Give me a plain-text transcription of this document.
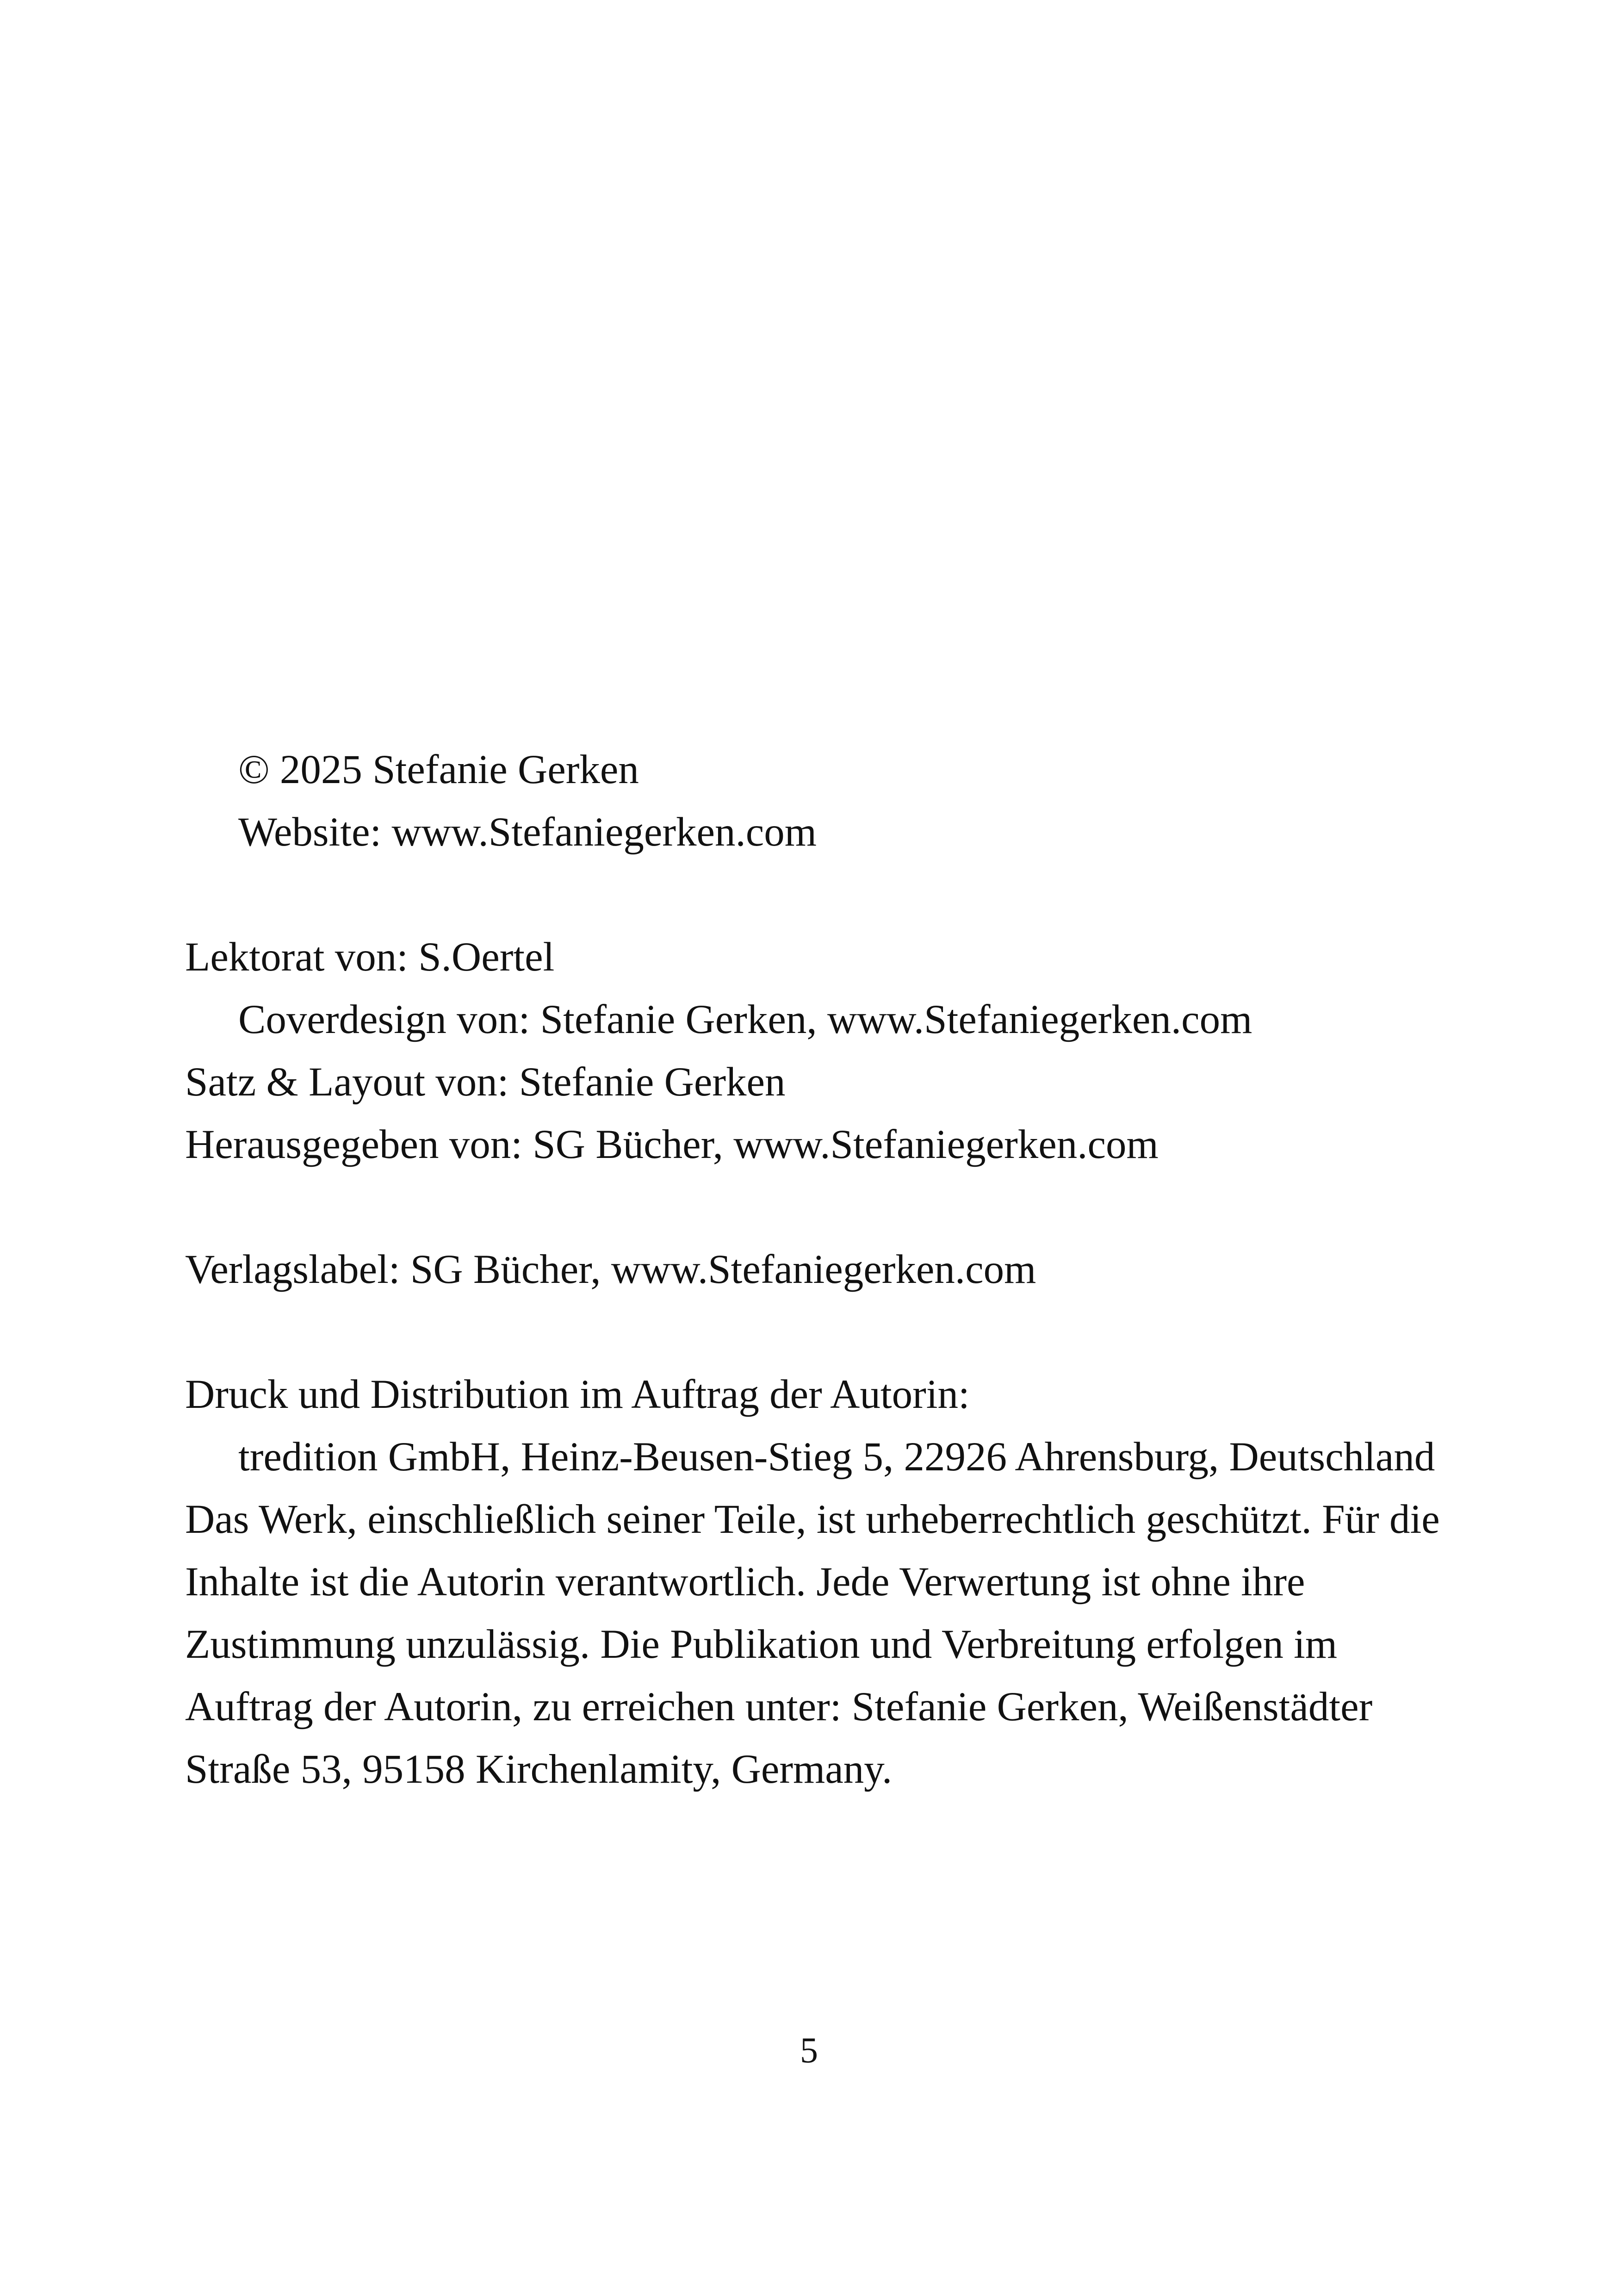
© 2025 Stefanie Gerken
Website: www.Stefaniegerken.com
Lektorat von: S.Oertel
Coverdesign von: Stefanie Gerken, www.Stefaniegerken.com
Satz & Layout von: Stefanie Gerken
Herausgegeben von: SG Bücher, www.Stefaniegerken.com
Verlagslabel: SG Bücher, www.Stefaniegerken.com
Druck und Distribution im Auftrag der Autorin:
tredition GmbH, Heinz-Beusen-Stieg 5, 22926 Ahrensburg, Deutschland Das Werk, einschließlich seiner Teile, ist urheberrechtlich geschützt. Für die Inhalte ist die Autorin verantwortlich. Jede Verwertung ist ohne ihre Zustimmung unzulässig. Die Publikation und Verbreitung erfolgen im Auftrag der Autorin, zu erreichen unter: Stefanie Gerken, Weißenstädter Straße 53, 95158 Kirchenlamity, Germany.
5
